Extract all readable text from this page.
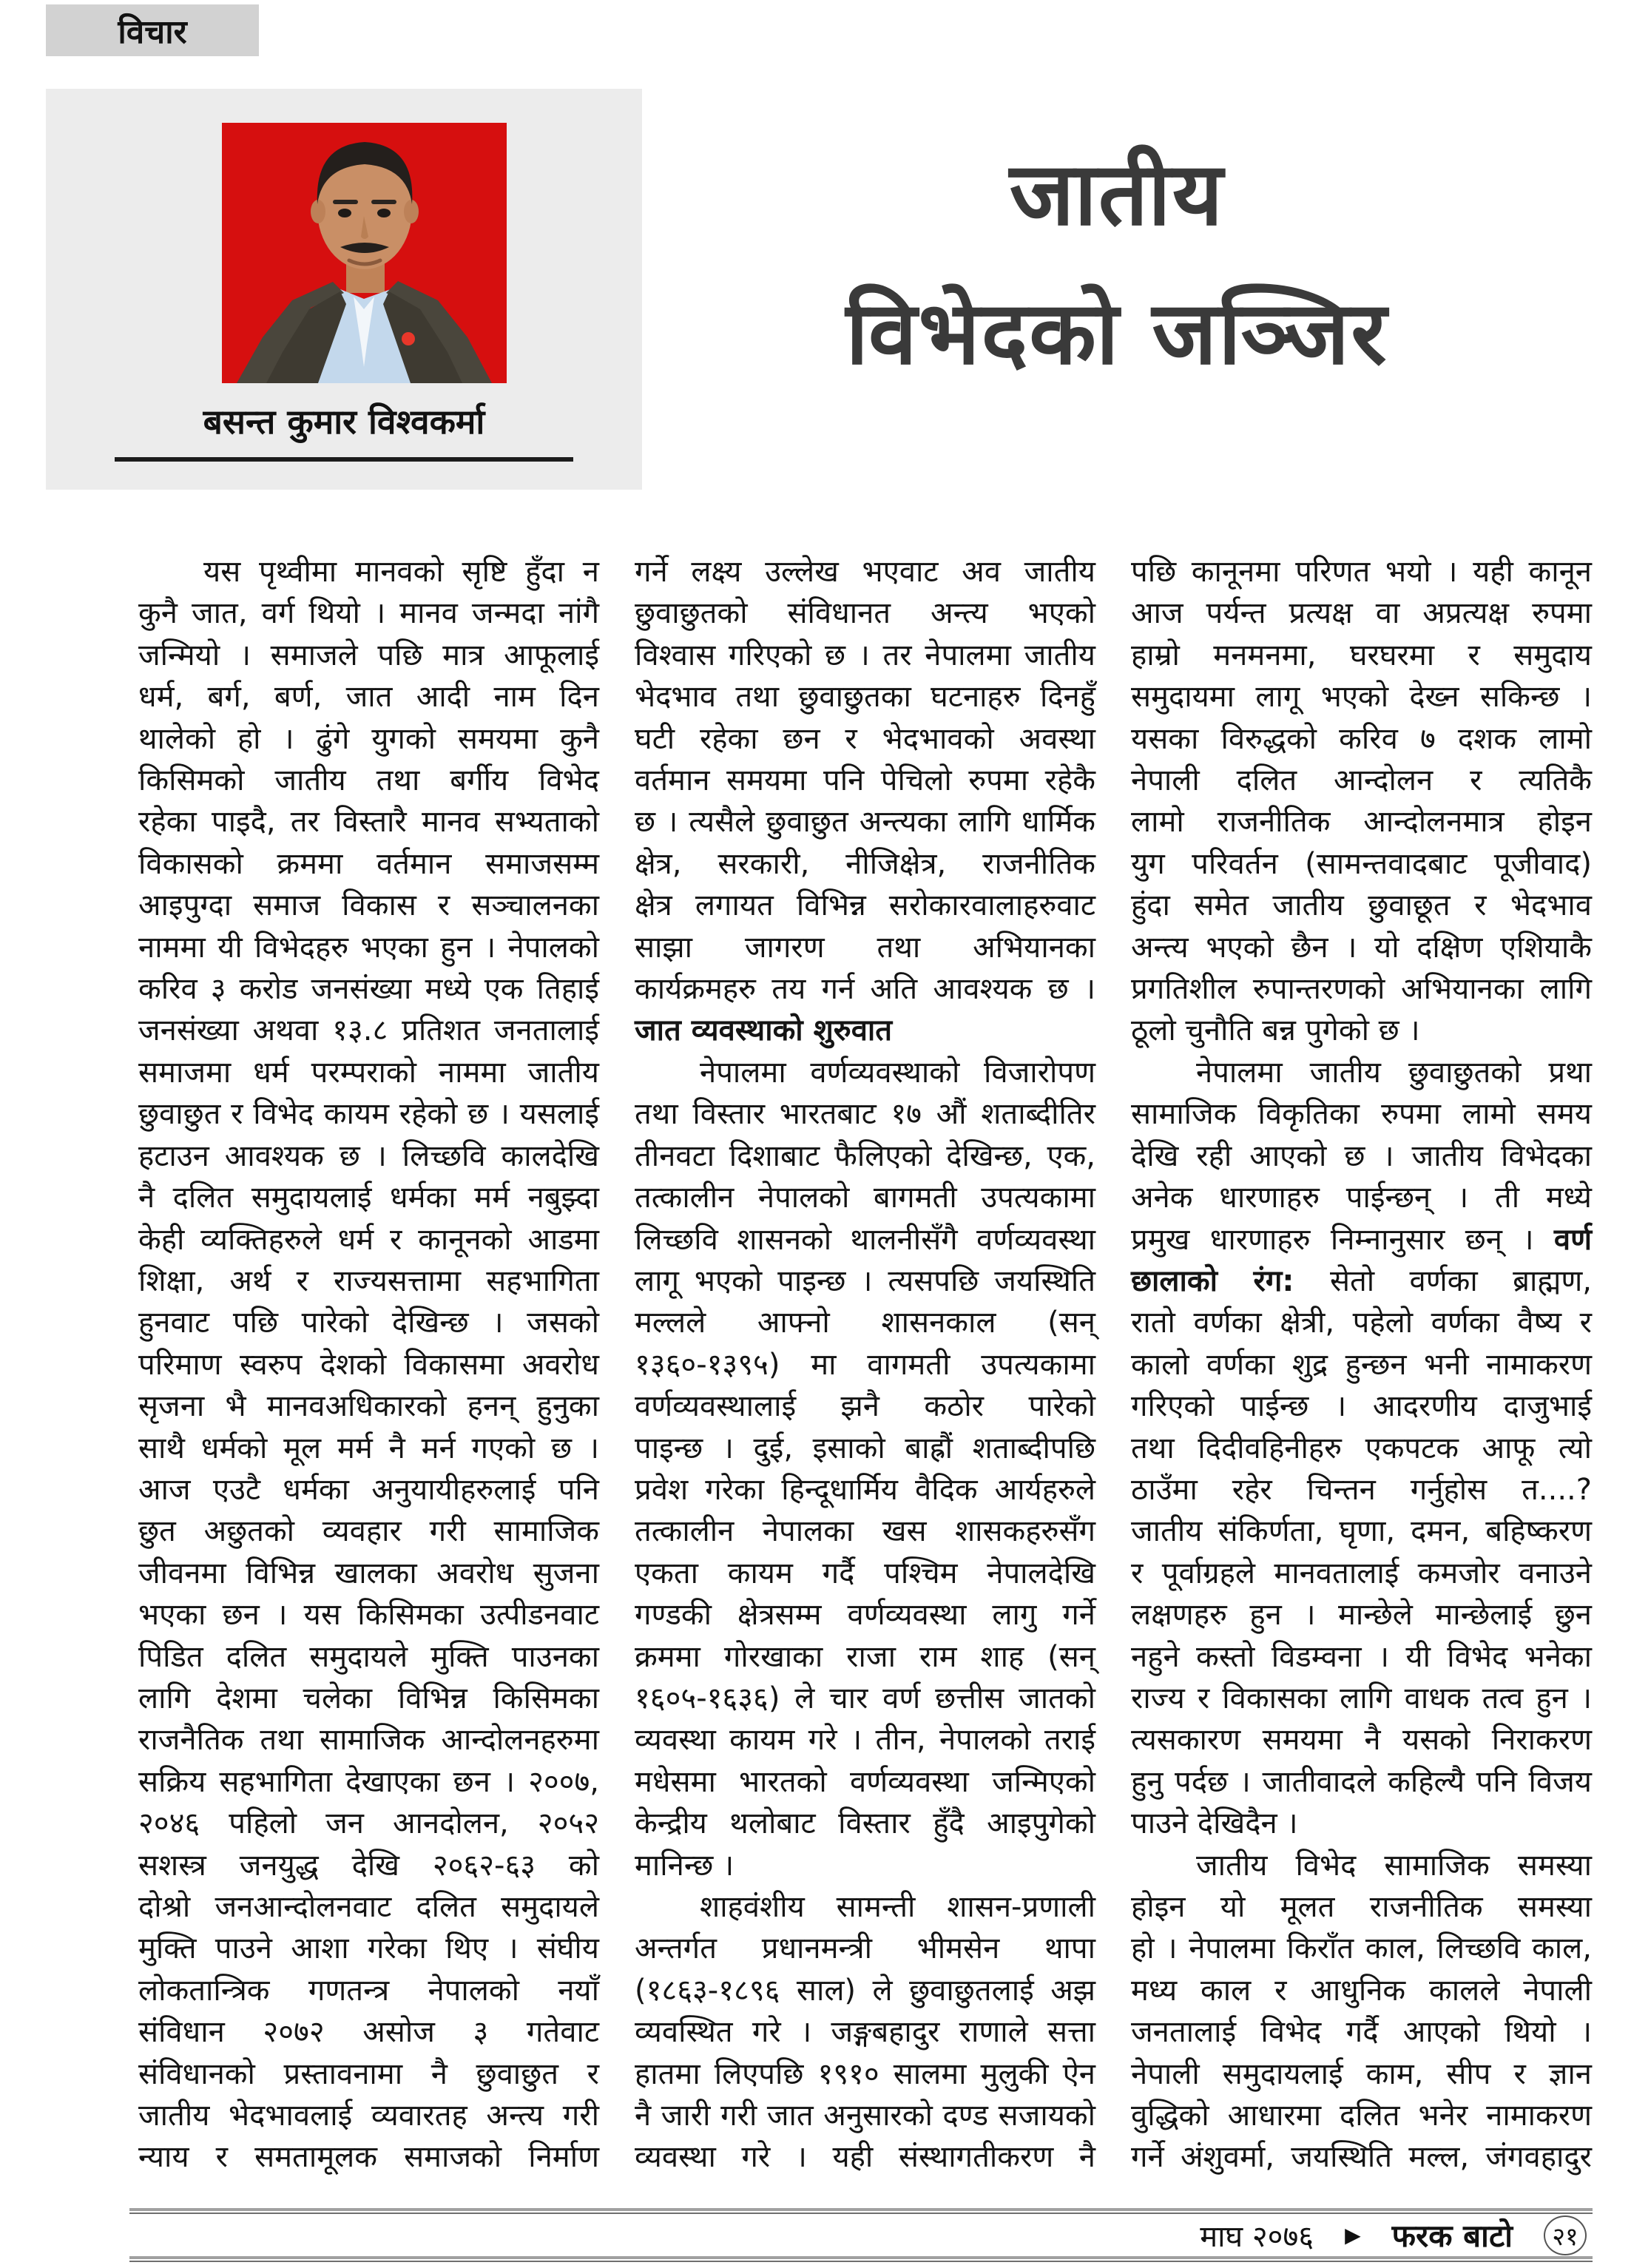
विचार
बसन्त कुमार विश्वकर्मा
जातीय
विभेदको जञ्जिर
यस पृथ्वीमा मानवको सृष्टि हुँदा न
कुनै जात, वर्ग थियो । मानव जन्मदा नांगै
जन्मियो । समाजले पछि मात्र आफूलाई
धर्म, बर्ग, बर्ण, जात आदी नाम दिन
थालेको हो । ढुंगे युगको समयमा कुनै
किसिमको जातीय तथा बर्गीय विभेद
रहेका पाइदै, तर विस्तारै मानव सभ्यताको
विकासको क्रममा वर्तमान समाजसम्म
आइपुग्दा समाज विकास र सञ्चालनका
नाममा यी विभेदहरु भएका हुन । नेपालको
करिव ३ करोड जनसंख्या मध्ये एक तिहाई
जनसंख्या अथवा १३.८ प्रतिशत जनतालाई
समाजमा धर्म परम्पराको नाममा जातीय
छुवाछुत र विभेद कायम रहेको छ । यसलाई
हटाउन आवश्यक छ । लिच्छवि कालदेखि
नै दलित समुदायलाई धर्मका मर्म नबुझ्दा
केही व्यक्तिहरुले धर्म र कानूनको आडमा
शिक्षा, अर्थ र राज्यसत्तामा सहभागिता
हुनवाट पछि पारेको देखिन्छ । जसको
परिमाण स्वरुप देशको विकासमा अवरोध
सृजना भै मानवअधिकारको हनन् हुनुका
साथै धर्मको मूल मर्म नै मर्न गएको छ ।
आज एउटै धर्मका अनुयायीहरुलाई पनि
छुत अछुतको व्यवहार गरी सामाजिक
जीवनमा विभिन्न खालका अवरोध सुजना
भएका छन । यस किसिमका उत्पीडनवाट
पिडित दलित समुदायले मुक्ति पाउनका
लागि देशमा चलेका विभिन्न किसिमका
राजनैतिक तथा सामाजिक आन्दोलनहरुमा
सक्रिय सहभागिता देखाएका छन । २००७,
२०४६ पहिलो जन आनदोलन, २०५२
सशस्त्र जनयुद्ध देखि २०६२-६३ को
दोश्रो जनआन्दोलनवाट दलित समुदायले
मुक्ति पाउने आशा गरेका थिए । संघीय
लोकतान्त्रिक गणतन्त्र नेपालको नयाँ
संविधान २०७२ असोज ३ गतेवाट
संविधानको प्रस्तावनामा नै छुवाछुत र
जातीय भेदभावलाई व्यवारतह अन्त्य गरी
न्याय र समतामूलक समाजको निर्माण
गर्ने लक्ष्य उल्लेख भएवाट अव जातीय
छुवाछुतको संविधानत अन्त्य भएको
विश्वास गरिएको छ । तर नेपालमा जातीय
भेदभाव तथा छुवाछुतका घटनाहरु दिनहुँ
घटी रहेका छन र भेदभावको अवस्था
वर्तमान समयमा पनि पेचिलो रुपमा रहेकै
छ । त्यसैले छुवाछुत अन्त्यका लागि धार्मिक
क्षेत्र, सरकारी, नीजिक्षेत्र, राजनीतिक
क्षेत्र लगायत विभिन्न सरोकारवालाहरुवाट
साझा जागरण तथा अभियानका
कार्यक्रमहरु तय गर्न अति आवश्यक छ ।
जात व्यवस्थाको शुरुवात
नेपालमा वर्णव्यवस्थाको विजारोपण
तथा विस्तार भारतबाट १७ औं शताब्दीतिर
तीनवटा दिशाबाट फैलिएको देखिन्छ, एक,
तत्कालीन नेपालको बागमती उपत्यकामा
लिच्छवि शासनको थालनीसँगै वर्णव्यवस्था
लागू भएको पाइन्छ । त्यसपछि जयस्थिति
मल्लले आफ्नो शासनकाल (सन्
१३६०-१३९५) मा वागमती उपत्यकामा
वर्णव्यवस्थालाई झनै कठोर पारेको
पाइन्छ । दुई, इसाको बाह्रौं शताब्दीपछि
प्रवेश गरेका हिन्दूधार्मिय वैदिक आर्यहरुले
तत्कालीन नेपालका खस शासकहरुसँग
एकता कायम गर्दै पश्चिम नेपालदेखि
गण्डकी क्षेत्रसम्म वर्णव्यवस्था लागु गर्ने
क्रममा गोरखाका राजा राम शाह (सन्
१६०५-१६३६) ले चार वर्ण छत्तीस जातको
व्यवस्था कायम गरे । तीन, नेपालको तराई
मधेसमा भारतको वर्णव्यवस्था जन्मिएको
केन्द्रीय थलोबाट विस्तार हुँदै आइपुगेको
मानिन्छ ।
शाहवंशीय सामन्ती शासन-प्रणाली
अन्तर्गत प्रधानमन्त्री भीमसेन थापा
(१८६३-१८९६ साल) ले छुवाछुतलाई अझ
व्यवस्थित गरे । जङ्गबहादुर राणाले सत्ता
हातमा लिएपछि १९१० सालमा मुलुकी ऐन
नै जारी गरी जात अनुसारको दण्ड सजायको
व्यवस्था गरे । यही संस्थागतीकरण नै
पछि कानूनमा परिणत भयो । यही कानून
आज पर्यन्त प्रत्यक्ष वा अप्रत्यक्ष रुपमा
हाम्रो मनमनमा, घरघरमा र समुदाय
समुदायमा लागू भएको देख्न सकिन्छ ।
यसका विरुद्धको करिव ७ दशक लामो
नेपाली दलित आन्दोलन र त्यतिकै
लामो राजनीतिक आन्दोलनमात्र होइन
युग परिवर्तन (सामन्तवादबाट पूजीवाद)
हुंदा समेत जातीय छुवाछूत र भेदभाव
अन्त्य भएको छैन । यो दक्षिण एशियाकै
प्रगतिशील रुपान्तरणको अभियानका लागि
ठूलो चुनौति बन्न पुगेको छ ।
नेपालमा जातीय छुवाछुतको प्रथा
सामाजिक विकृतिका रुपमा लामो समय
देखि रही आएको छ । जातीय विभेदका
अनेक धारणाहरु पाईन्छन् । ती मध्ये
प्रमुख धारणाहरु निम्नानुसार छन् । वर्ण
छालाको रंग: सेतो वर्णका ब्राह्मण,
रातो वर्णका क्षेत्री, पहेलो वर्णका वैष्य र
कालो वर्णका शुद्र हुन्छन भनी नामाकरण
गरिएको पाईन्छ । आदरणीय दाजुभाई
तथा दिदीवहिनीहरु एकपटक आफू त्यो
ठाउँमा रहेर चिन्तन गर्नुहोस त....?
जातीय संकिर्णता, घृणा, दमन, बहिष्करण
र पूर्वाग्रहले मानवतालाई कमजोर वनाउने
लक्षणहरु हुन । मान्छेले मान्छेलाई छुन
नहुने कस्तो विडम्वना । यी विभेद भनेका
राज्य र विकासका लागि वाधक तत्व हुन ।
त्यसकारण समयमा नै यसको निराकरण
हुनु पर्दछ । जातीवादले कहिल्यै पनि विजय
पाउने देखिदैन ।
जातीय विभेद सामाजिक समस्या
होइन यो मूलत राजनीतिक समस्या
हो । नेपालमा किराँत काल, लिच्छवि काल,
मध्य काल र आधुनिक कालले नेपाली
जनतालाई विभेद गर्दै आएको थियो ।
नेपाली समुदायलाई काम, सीप र ज्ञान
वुद्धिको आधारमा दलित भनेर नामाकरण
गर्ने अंशुवर्मा, जयस्थिति मल्ल, जंगवहादुर
माघ २०७६ ▶ फरक बाटो	२१
